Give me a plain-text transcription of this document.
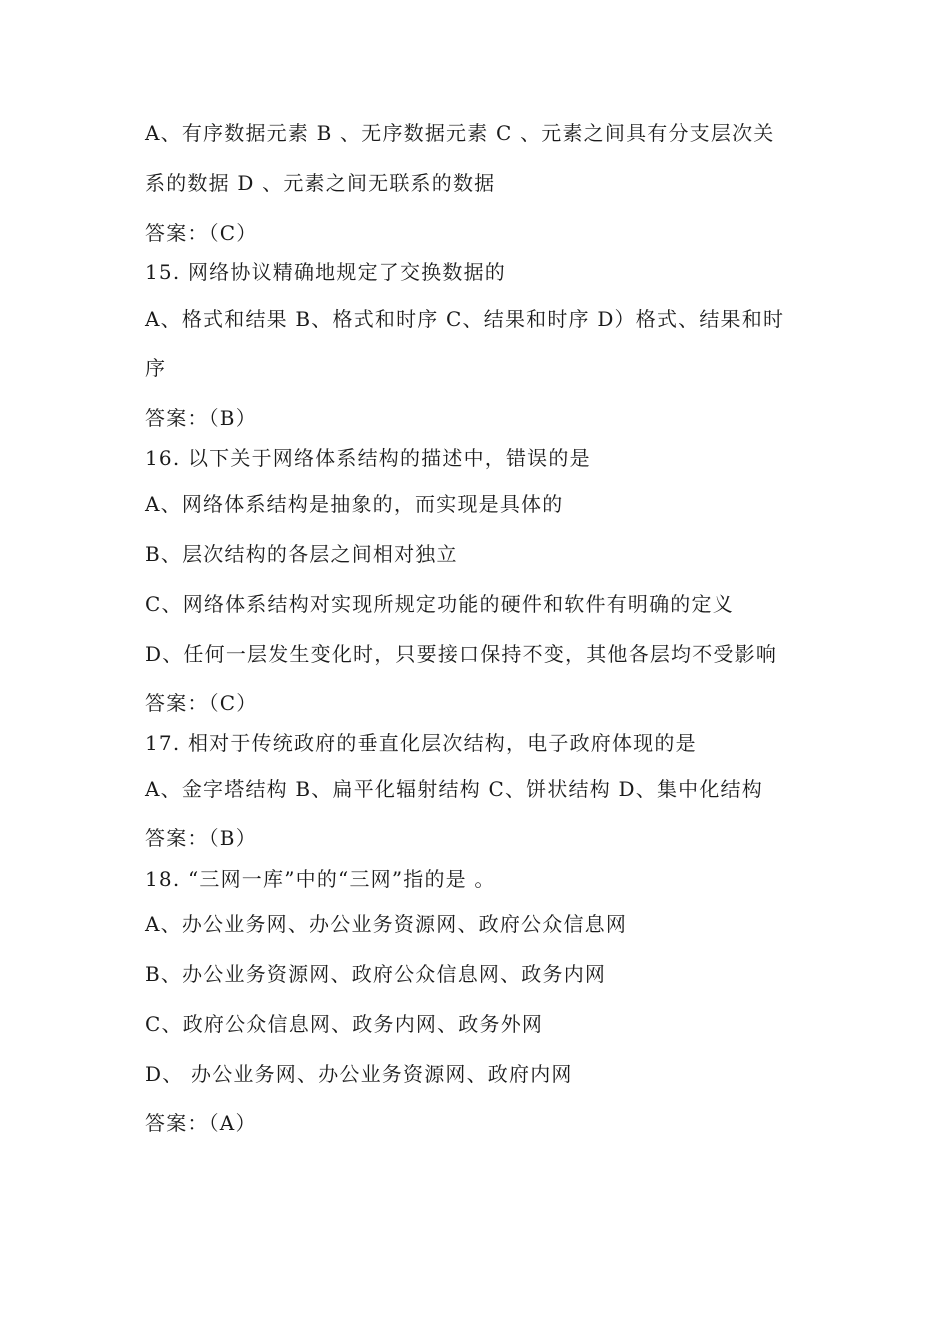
A、有序数据元素 B 、无序数据元素 C 、元素之间具有分支层次关
系的数据 D 、元素之间无联系的数据
答案：（C）
15. 网络协议精确地规定了交换数据的
A、格式和结果 B、格式和时序 C、结果和时序 D）格式、结果和时
序
答案：（B）
16. 以下关于网络体系结构的描述中，错误的是
A、网络体系结构是抽象的，而实现是具体的
B、层次结构的各层之间相对独立
C、网络体系结构对实现所规定功能的硬件和软件有明确的定义
D、任何一层发生变化时，只要接口保持不变，其他各层均不受影响
答案：（C）
17. 相对于传统政府的垂直化层次结构，电子政府体现的是
A、金字塔结构 B、扁平化辐射结构 C、饼状结构 D、集中化结构
答案：（B）
18. “三网一库”中的“三网”指的是 。
A、办公业务网、办公业务资源网、政府公众信息网
B、办公业务资源网、政府公众信息网、政务内网
C、政府公众信息网、政务内网、政务外网
D、 办公业务网、办公业务资源网、政府内网
答案：（A）
